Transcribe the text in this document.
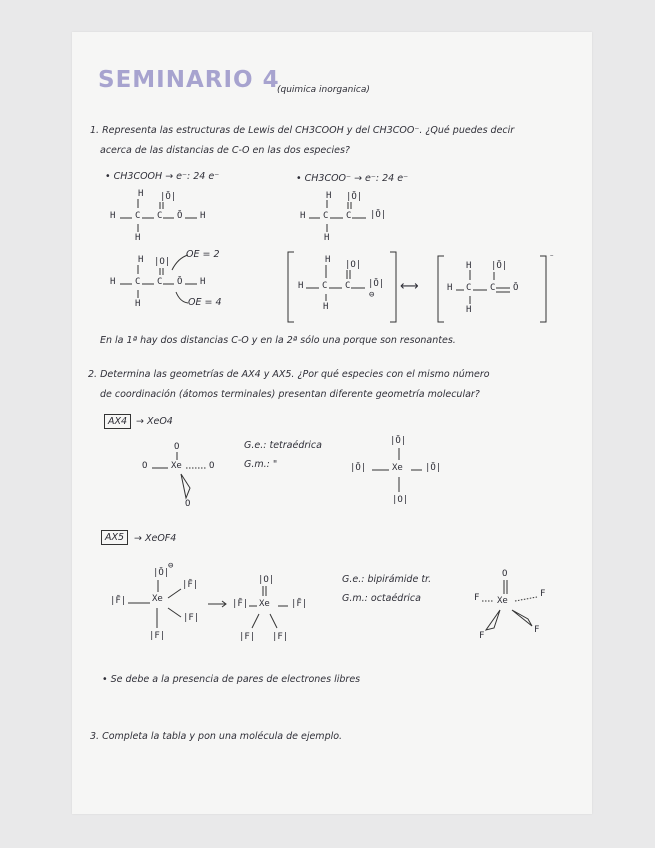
SEMINARIO 4
(quimica inorganica)
1. Representa las estructuras de Lewis del CH3COOH y del CH3COO⁻. ¿Qué puedes decir
acerca de las distancias de C-O en las dos especies?
• CH3COOH → e⁻: 24 e⁻	• CH3COO⁻ → e⁻: 24 e⁻
H |Ō|
H C C Ō H
H
H |O|
H C C Ō H
H
OE = 2
OE = 4
H |Ō|
H C C |Ō|
H
H |O|
H C C |Ō|
⊖
H
⟷
H |Ō|
H C C Ō
H
⁻
En la 1ª hay dos distancias C-O y en la 2ª sólo una porque son resonantes.
2. Determina las geometrías de AX4 y AX5. ¿Por qué especies con el mismo número
de coordinación (átomos terminales) presentan diferente geometría molecular?
AX4 → XeO4
O
O	Xe	O
O
G.e.: tetraédrica
G.m.: "
|Ō|
|Ō|	Xe |Ō|
|O|
AX5	→ XeOF4
|Ō|
⊖
|F̄|
|F̄|	Xe
|F|
|F|
|O|
|F̄| Xe |F̄|
|F| |F|
G.e.: bipirámide tr.
G.m.: octaédrica
O
F Xe
F
F
F
• Se debe a la presencia de pares de electrones libres
3. Completa la tabla y pon una molécula de ejemplo.
